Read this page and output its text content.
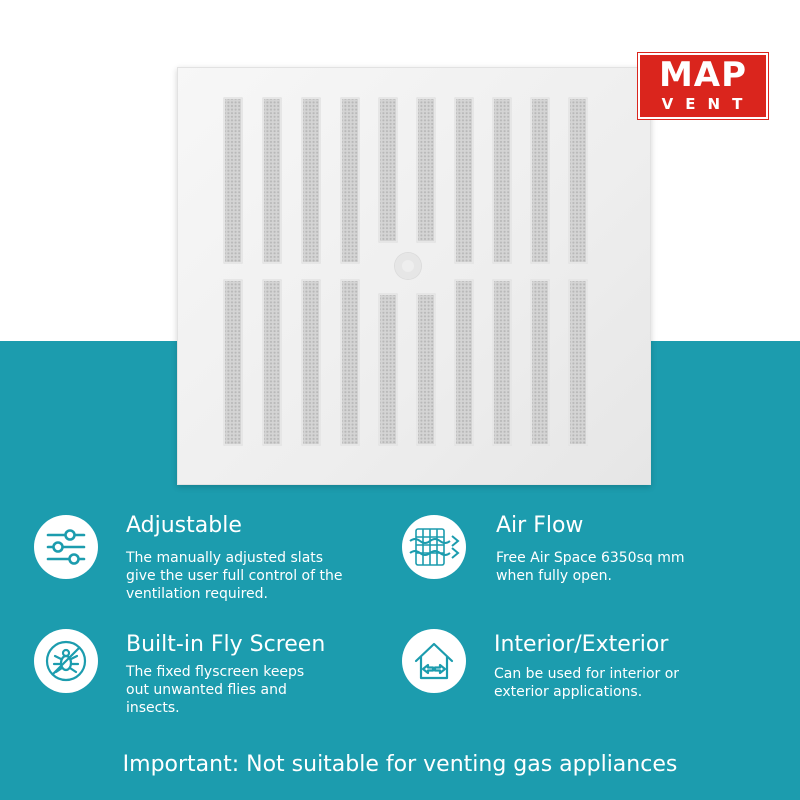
MAP
VENT
Adjustable

The manually adjusted slats
give the user full control of the
ventilation required.

Air Flow

Free Air Space 6350sq mm
when fully open.

Built-in Fly Screen

The fixed flyscreen keeps
out unwanted flies and
insects.

Interior/Exterior

Can be used for interior or
exterior applications.

Important: Not suitable for venting gas appliances
